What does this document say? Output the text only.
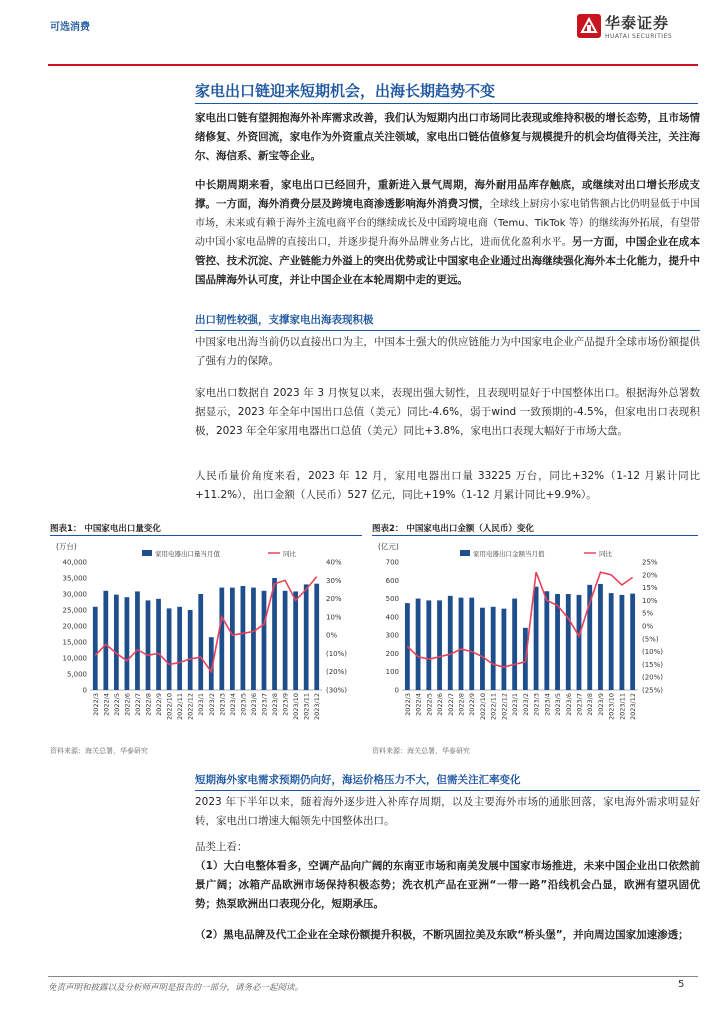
可选消费	华泰证券
HUATAI SECURITIES
家电出口链迎来短期机会，出海长期趋势不变
家电出口链有望拥抱海外补库需求改善，我们认为短期内出口市场同比表现或维持积极的增长态势，且市场情绪修复、外资回流，家电作为外资重点关注领域，家电出口链估值修复与规模提升的机会均值得关注，关注海尔、海信系、新宝等企业。
中长期周期来看，家电出口已经回升，重新进入景气周期，海外耐用品库存触底，或继续对出口增长形成支撑。一方面，海外消费分层及跨境电商渗透影响海外消费习惯，全球线上厨房小家电销售额占比仍明显低于中国市场，未来或有赖于海外主流电商平台的继续成长及中国跨境电商（Temu、TikTok 等）的继续海外拓展，有望带动中国小家电品牌的直接出口，并逐步提升海外品牌业务占比，进而优化盈利水平。另一方面，中国企业在成本管控、技术沉淀、产业链能力外溢上的突出优势或让中国家电企业通过出海继续强化海外本土化能力，提升中国品牌海外认可度，并让中国企业在本轮周期中走的更远。
出口韧性较强，支撑家电出海表现积极
中国家电出海当前仍以直接出口为主，中国本土强大的供应链能力为中国家电企业产品提升全球市场份额提供了强有力的保障。
家电出口数据自 2023 年 3 月恢复以来，表现出强大韧性，且表现明显好于中国整体出口。根据海外总署数据显示，2023 年全年中国出口总值（美元）同比-4.6%，弱于wind 一致预期的-4.5%，但家电出口表现积极，2023 年全年家用电器出口总值（美元）同比+3.8%，家电出口表现大幅好于市场大盘。
人民币量价角度来看，2023 年 12 月，家用电器出口量 33225 万台，同比+32%（1-12 月累计同比+11.2%），出口金额（人民币）527 亿元，同比+19%（1-12 月累计同比+9.9%）。
图表1： 中国家电出口量变化
(万台)
家用电器出口量当月值	同比
0
5,000
10,000
15,000
20,000
25,000
30,000
35,000
40,000
(30%)
(20%)
(10%)
0%
10%
20%
30%
40%
2022/3 2022/4 2022/5 2022/6 2022/7 2022/8 2022/9 2022/10 2022/11 2022/12 2023/1 2023/2 2023/3 2023/4 2023/5 2023/6 2023/7 2023/8 2023/9 2023/10 2023/11 2023/12
资料来源：海关总署，华泰研究
图表2： 中国家电出口金额（人民币）变化
(亿元)
家用电器出口金额当月值	同比
0
100
200
300
400
500
600
700
(25%)
(20%)
(15%)
(10%)
(5%)
0%
5%
10%
15%
20%
25%
2022/3 2022/4 2022/5 2022/6 2022/7 2022/8 2022/9 2022/10 2022/11 2022/12 2023/1 2023/2 2023/3 2023/4 2023/5 2023/6 2023/7 2023/8 2023/9 2023/10 2023/11 2023/12
资料来源：海关总署，华泰研究
短期海外家电需求预期仍向好，海运价格压力不大，但需关注汇率变化
2023 年下半年以来，随着海外逐步进入补库存周期，以及主要海外市场的通胀回落，家电海外需求明显好转，家电出口增速大幅领先中国整体出口。
品类上看：
（1）大白电整体看多，空调产品向广阔的东南亚市场和南美发展中国家市场推进，未来中国企业出口依然前景广阔；冰箱产品欧洲市场保持积极态势；洗衣机产品在亚洲“一带一路”沿线机会凸显，欧洲有望巩固优势；热泵欧洲出口表现分化，短期承压。
（2）黑电品牌及代工企业在全球份额提升积极，不断巩固拉美及东欧“桥头堡”，并向周边国家加速渗透；
免责声明和披露以及分析师声明是报告的一部分，请务必一起阅读。	5
